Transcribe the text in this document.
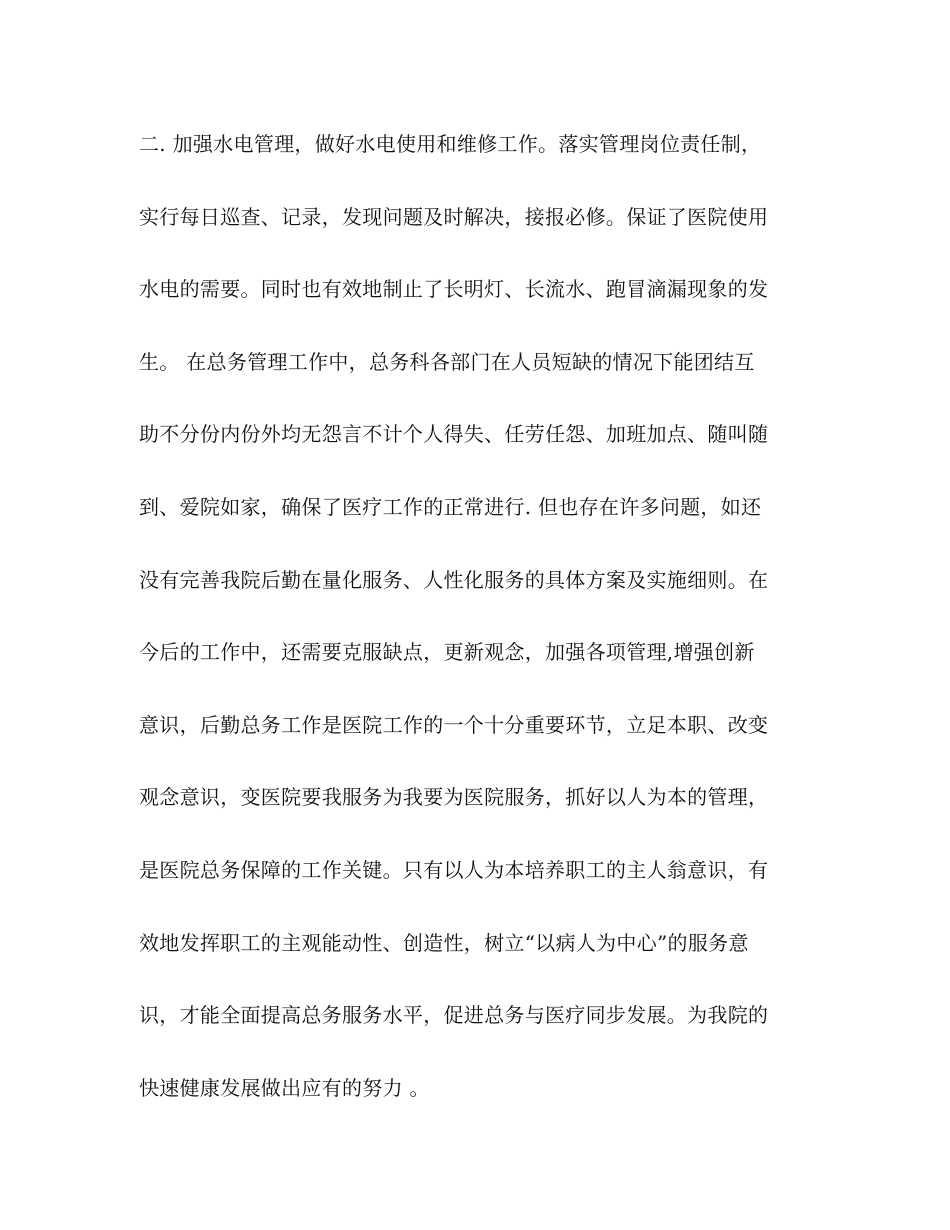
二. 加强水电管理，做好水电使用和维修工作。落实管理岗位责任制，
实行每日巡查、记录，发现问题及时解决，接报必修。保证了医院使用
水电的需要。同时也有效地制止了长明灯、长流水、跑冒滴漏现象的发
生。 在总务管理工作中，总务科各部门在人员短缺的情况下能团结互
助不分份内份外均无怨言不计个人得失、任劳任怨、加班加点、随叫随
到、爱院如家，确保了医疗工作的正常进行. 但也存在许多问题，如还
没有完善我院后勤在量化服务、人性化服务的具体方案及实施细则。在
今后的工作中，还需要克服缺点，更新观念，加强各项管理,增强创新
意识，后勤总务工作是医院工作的一个十分重要环节，立足本职、改变
观念意识，变医院要我服务为我要为医院服务，抓好以人为本的管理，
是医院总务保障的工作关键。只有以人为本培养职工的主人翁意识，有
效地发挥职工的主观能动性、创造性，树立“以病人为中心”的服务意
识，才能全面提高总务服务水平，促进总务与医疗同步发展。为我院的
快速健康发展做出应有的努力 。
